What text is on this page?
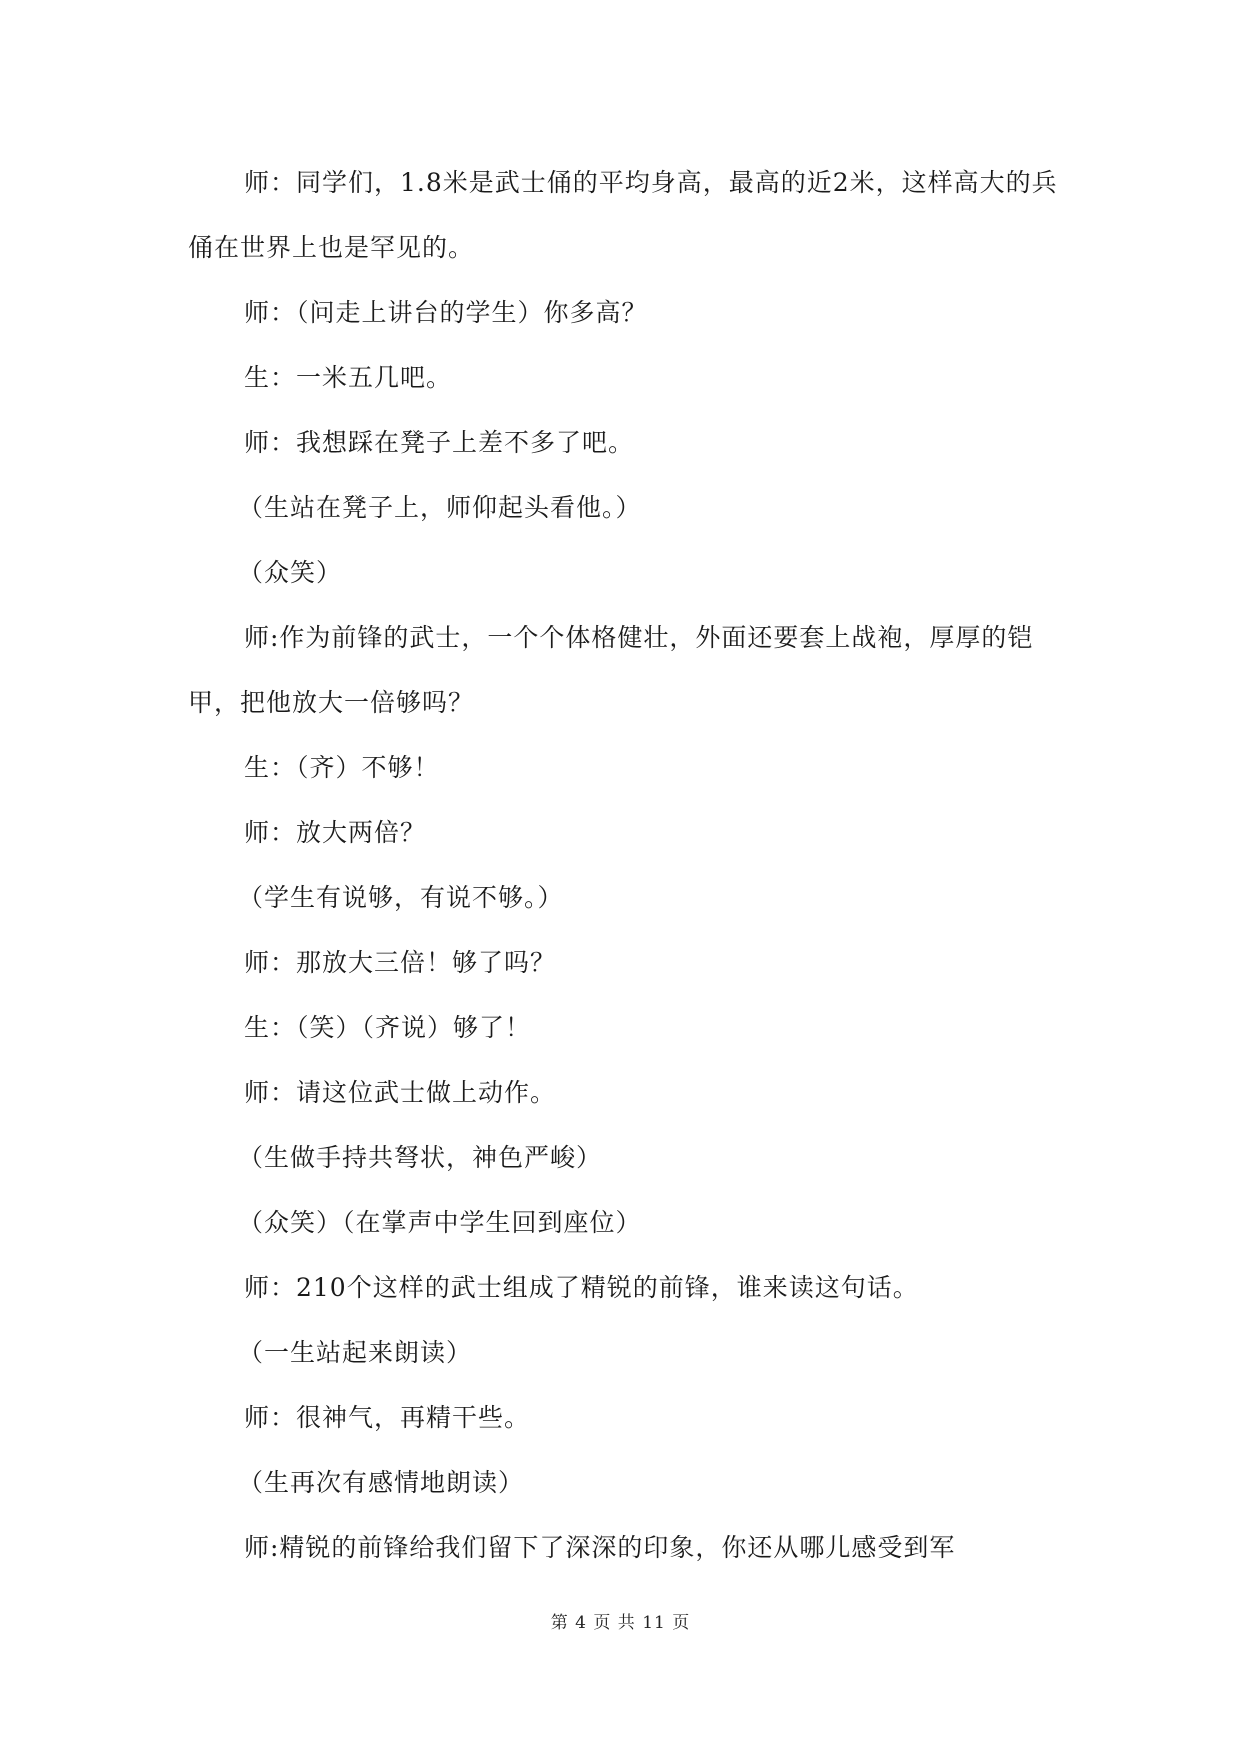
师：同学们，1.8米是武士俑的平均身高，最高的近2米，这样高大的兵俑在世界上也是罕见的。

师：（问走上讲台的学生）你多高？

生：一米五几吧。

师：我想踩在凳子上差不多了吧。

（生站在凳子上，师仰起头看他。）

（众笑）

师:作为前锋的武士，一个个体格健壮，外面还要套上战袍，厚厚的铠甲，把他放大一倍够吗？

生：（齐）不够！

师：放大两倍？

（学生有说够，有说不够。）

师：那放大三倍！够了吗？

生：（笑）（齐说）够了！

师：请这位武士做上动作。

（生做手持共弩状，神色严峻）

（众笑）（在掌声中学生回到座位）

师：210个这样的武士组成了精锐的前锋，谁来读这句话。

（一生站起来朗读）

师：很神气，再精干些。

（生再次有感情地朗读）

师:精锐的前锋给我们留下了深深的印象，你还从哪儿感受到军

第 4 页 共 11 页
